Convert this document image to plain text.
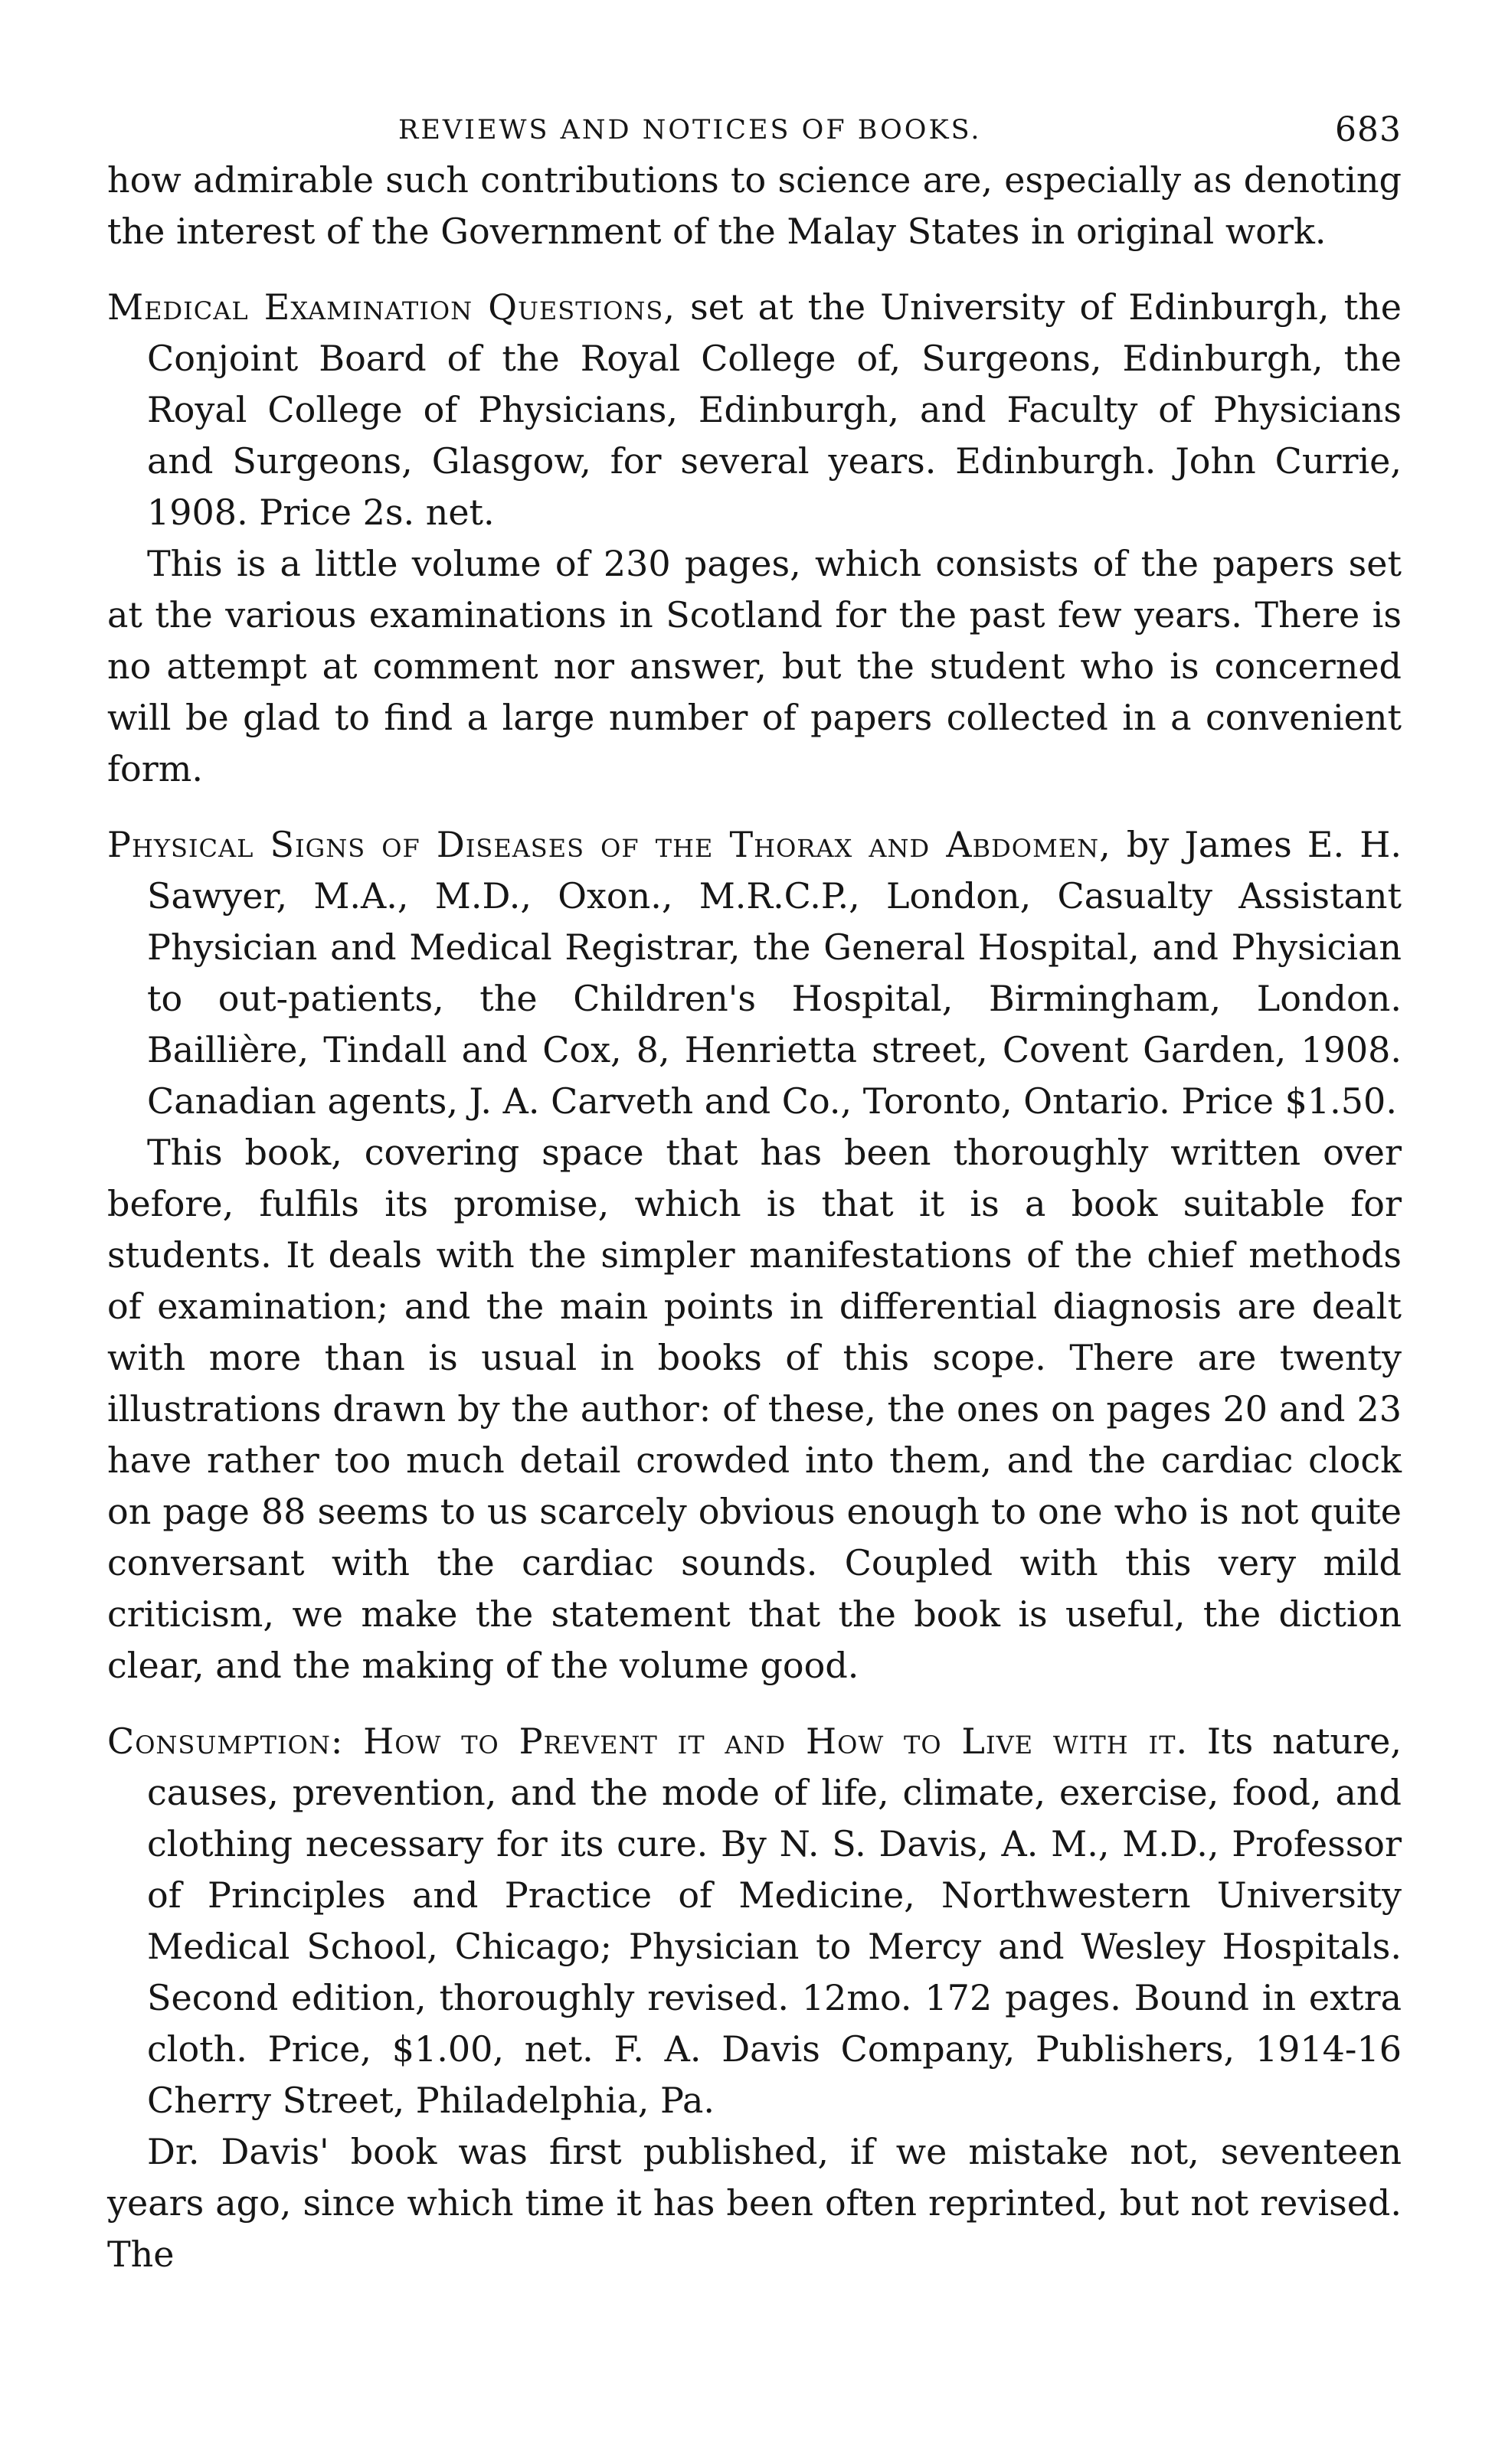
REVIEWS AND NOTICES OF BOOKS.	683

how admirable such contributions to science are, especially as denoting the interest of the Government of the Malay States in original work.

Medical Examination Questions, set at the University of Edinburgh, the Conjoint Board of the Royal College of, Surgeons, Edinburgh, the Royal College of Physicians, Edinburgh, and Faculty of Physicians and Surgeons, Glasgow, for several years. Edinburgh. John Currie, 1908. Price 2s. net.

This is a little volume of 230 pages, which consists of the papers set at the various examinations in Scotland for the past few years. There is no attempt at comment nor answer, but the student who is concerned will be glad to find a large number of papers collected in a convenient form.

Physical Signs of Diseases of the Thorax and Abdomen, by James E. H. Sawyer, M.A., M.D., Oxon., M.R.C.P., London, Casualty Assistant Physician and Medical Registrar, the General Hospital, and Physician to out-patients, the Children's Hospital, Birmingham, London. Baillière, Tindall and Cox, 8, Henrietta street, Covent Garden, 1908. Canadian agents, J. A. Carveth and Co., Toronto, Ontario. Price $1.50.

This book, covering space that has been thoroughly written over before, fulfils its promise, which is that it is a book suitable for students. It deals with the simpler manifestations of the chief methods of examination; and the main points in differential diagnosis are dealt with more than is usual in books of this scope. There are twenty illustrations drawn by the author: of these, the ones on pages 20 and 23 have rather too much detail crowded into them, and the cardiac clock on page 88 seems to us scarcely obvious enough to one who is not quite conversant with the cardiac sounds. Coupled with this very mild criticism, we make the statement that the book is useful, the diction clear, and the making of the volume good.

Consumption: How to Prevent it and How to Live with it. Its nature, causes, prevention, and the mode of life, climate, exercise, food, and clothing necessary for its cure. By N. S. Davis, A. M., M.D., Professor of Principles and Practice of Medicine, Northwestern University Medical School, Chicago; Physician to Mercy and Wesley Hospitals. Second edition, thoroughly revised. 12mo. 172 pages. Bound in extra cloth. Price, $1.00, net. F. A. Davis Company, Publishers, 1914-16 Cherry Street, Philadelphia, Pa.

Dr. Davis' book was first published, if we mistake not, seventeen years ago, since which time it has been often reprinted, but not revised. The
